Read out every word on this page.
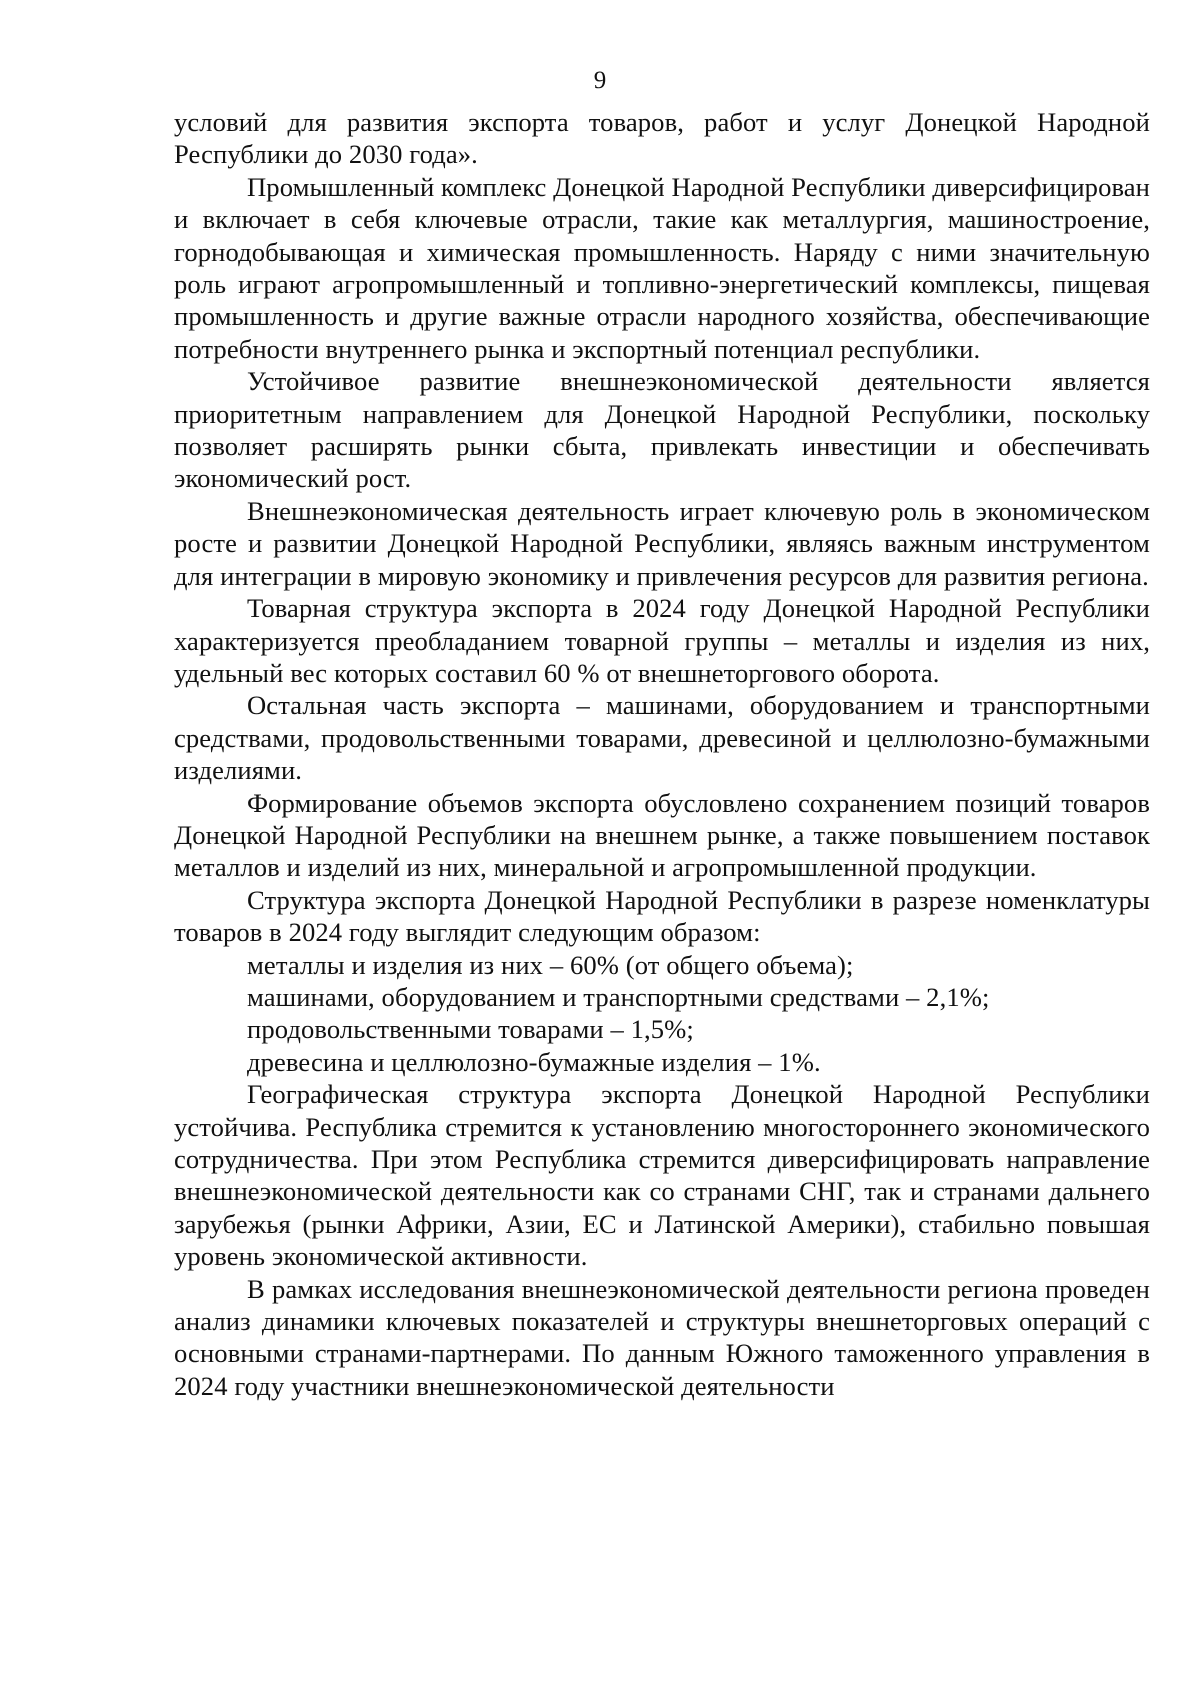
9

условий для развития экспорта товаров, работ и услуг Донецкой Народной Республики до 2030 года».

Промышленный комплекс Донецкой Народной Республики диверсифицирован и включает в себя ключевые отрасли, такие как металлургия, машиностроение, горнодобывающая и химическая промышленность. Наряду с ними значительную роль играют агропромышленный и топливно-энергетический комплексы, пищевая промышленность и другие важные отрасли народного хозяйства, обеспечивающие потребности внутреннего рынка и экспортный потенциал республики.

Устойчивое развитие внешнеэкономической деятельности является приоритетным направлением для Донецкой Народной Республики, поскольку позволяет расширять рынки сбыта, привлекать инвестиции и обеспечивать экономический рост.

Внешнеэкономическая деятельность играет ключевую роль в экономическом росте и развитии Донецкой Народной Республики, являясь важным инструментом для интеграции в мировую экономику и привлечения ресурсов для развития региона.

Товарная структура экспорта в 2024 году Донецкой Народной Республики характеризуется преобладанием товарной группы – металлы и изделия из них, удельный вес которых составил 60 % от внешнеторгового оборота.

Остальная часть экспорта – машинами, оборудованием и транспортными средствами, продовольственными товарами, древесиной и целлюлозно-бумажными изделиями.

Формирование объемов экспорта обусловлено сохранением позиций товаров Донецкой Народной Республики на внешнем рынке, а также повышением поставок металлов и изделий из них, минеральной и агропромышленной продукции.

Структура экспорта Донецкой Народной Республики в разрезе номенклатуры товаров в 2024 году выглядит следующим образом:

металлы и изделия из них – 60% (от общего объема);

машинами, оборудованием и транспортными средствами – 2,1%;

продовольственными товарами – 1,5%;

древесина и целлюлозно-бумажные изделия – 1%.

Географическая структура экспорта Донецкой Народной Республики устойчива. Республика стремится к установлению многостороннего экономического сотрудничества. При этом Республика стремится диверсифицировать направление внешнеэкономической деятельности как со странами СНГ, так и странами дальнего зарубежья (рынки Африки, Азии, ЕС и Латинской Америки), стабильно повышая уровень экономической активности.

В рамках исследования внешнеэкономической деятельности региона проведен анализ динамики ключевых показателей и структуры внешнеторговых операций с основными странами-партнерами. По данным Южного таможенного управления в 2024 году участники внешнеэкономической деятельности
